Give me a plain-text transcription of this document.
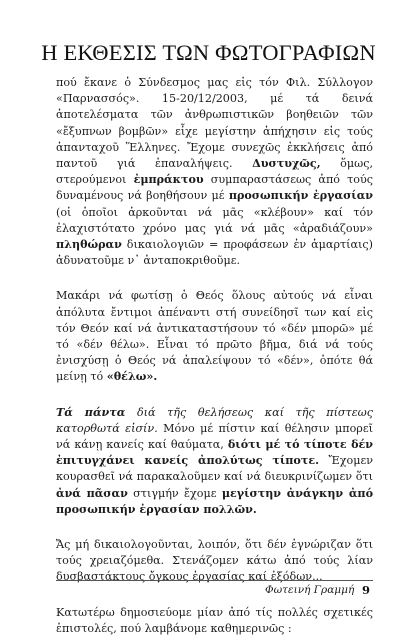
Η ΕΚΘΕΣΙΣ ΤΩΝ ΦΩΤΟΓΡΑΦΙΩΝ

πού ἔκανε ὁ Σύνδεσμος μας εἰς τόν Φιλ. Σύλλογον «Παρνασσός». 15-20/12/2003, μέ τά δεινά ἀποτελέσματα τῶν ἀνθρωπιστικῶν βοηθειῶν τῶν «ἔξυπνων βομβῶν» εἶχε μεγίστην ἀπήχησιν εἰς τούς ἁπανταχοῦ Ἕλληνες. Ἔχομε συνεχῶς ἐκκλήσεις ἀπό παντοῦ γιά ἐπαναλήψεις. Δυστυχῶς, ὅμως, στερούμενοι ἐμπράκτου συμπαραστάσεως ἀπό τούς δυναμένους νά βοηθήσουν μέ προσωπικήν ἐργασίαν (οἱ ὁποῖοι ἀρκοῦνται νά μᾶς «κλέβουν» καί τόν ἐλαχιστότατο χρόνο μας γιά νά μᾶς «ἀραδιάζουν» πληθώραν δικαιολογιῶν = προφάσεων ἐν ἁμαρτίαις) ἀδυνατοῦμε ν᾽ ἀνταποκριθοῦμε.

Μακάρι νά φωτίσῃ ὁ Θεός ὅλους αὐτούς νά εἶναι ἀπόλυτα ἔντιμοι ἀπέναντι στή συνείδησῖ των καί εἰς τόν Θεόν καί νά ἀντικαταστήσουν τό «δέν μπορῶ» μέ τό «δέν θέλω». Εἶναι τό πρῶτο βῆμα, διά νά τούς ἐνισχύσῃ ὁ Θεός νά ἀπαλείψουν τό «δέν», ὁπότε θά μείνῃ τό «θέλω».

Τά πάντα διά τῆς θελήσεως καί τῆς πίστεως κατορθωτά εἰσίν. Μόνο μέ πίστιν καί θέλησιν μπορεῖ νά κάνῃ κανείς καί θαύματα, διότι μέ τό τίποτε δέν ἐπιτυγχάνει κανείς ἀπολύτως τίποτε. Ἔχομεν κουρασθεῖ νά παρακαλοῦμεν καί νά διευκρινίζωμεν ὅτι ἀνά πᾶσαν στιγμήν ἔχομε μεγίστην ἀνάγκην ἀπό προσωπικήν ἐργασίαν πολλῶν.

Ἄς μή δικαιολογοῦνται, λοιπόν, ὅτι δέν ἐγνώριζαν ὅτι τούς χρειαζόμεθα. Στενάζομεν κάτω ἀπό τούς λίαν δυσβαστάκτους ὄγκους ἐργασίας καί ἐξόδων...

Κατωτέρω δημοσιεύομε μίαν ἀπό τίς πολλές σχετικές ἐπιστολές, πού λαμβάνομε καθημερινῶς :

Φωτεινή Γραμμή 9
